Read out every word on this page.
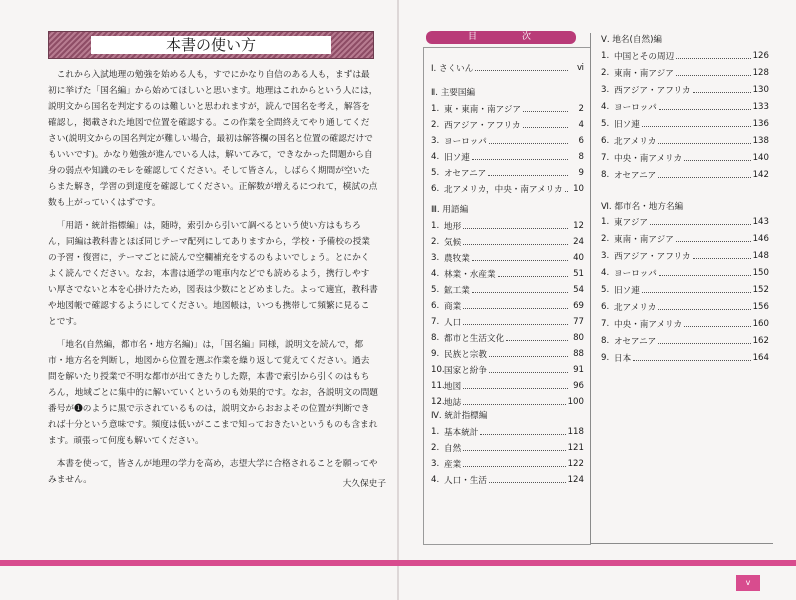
本書の使い方

これから入試地理の勉強を始める人も，すでにかなり自信のある人も，まずは最初に挙げた「国名編」から始めてほしいと思います。地理はこれからという人には，説明文から国名を判定するのは難しいと思われますが，読んで国名を考え，解答を確認し，掲載された地図で位置を確認する。この作業を全問終えてやり通してください(説明文からの国名判定が難しい場合，最初は解答欄の国名と位置の確認だけでもいいです)。かなり勉強が進んでいる人は，解いてみて，できなかった問題から自身の弱点や知識のモレを確認してください。そして皆さん，しばらく期間が空いたらまた解き，学習の到達度を確認してください。正解数が増えるにつれて，模試の点数も上がっていくはずです。

「用語・統計指標編」は，随時，索引から引いて調べるという使い方はもちろん，同編は教科書とほぼ同じテーマ配列にしてありますから，学校・予備校の授業の予習・復習に，テーマごとに読んで空欄補充をするのもよいでしょう。とにかくよく読んでください。なお，本書は通学の電車内などでも読めるよう，携行しやすい厚さでないと本を心掛けたため，図表は少数にとどめました。よって適宜，教科書や地図帳で確認するようにしてください。地図帳は，いつも携帯して頻繁に見ることです。

「地名(自然編，都市名・地方名編)」は，「国名編」同様，説明文を読んで，都市・地方名を判断し，地図から位置を選ぶ作業を繰り返して覚えてください。過去問を解いたり授業で不明な都市が出てきたりした際，本書で索引から引くのはもちろん，地域ごとに集中的に解いていくというのも効果的です。なお，各説明文の問題番号が❶のように黒で示されているものは，説明文からおおよその位置が判断できれば十分という意味です。頻度は低いがここまで知っておきたいというものも含まれます。頑張って何度も解いてください。

本書を使って，皆さんが地理の学力を高め，志望大学に合格されることを願ってやみません。	大久保史子
目	次
Ⅰ. さくいん	ⅵ
Ⅱ. 主要国編
1. 東・東南・南アジア	2
2. 西アジア・アフリカ	4
3. ヨーロッパ	6
4. 旧ソ連	8
5. オセアニア	9
6. 北アメリカ，中央・南アメリカ	10
Ⅲ. 用語編
1. 地形	12
2. 気候	24
3. 農牧業	40
4. 林業・水産業	51
5. 鉱工業	54
6. 商業	69
7. 人口	77
8. 都市と生活文化	80
9. 民族と宗教	88
10. 国家と紛争	91
11. 地図	96
12. 地誌	100
Ⅳ. 統計指標編
1. 基本統計	118
2. 自然	121
3. 産業	122
4. 人口・生活	124
Ⅴ. 地名(自然)編
1. 中国とその周辺	126
2. 東南・南アジア	128
3. 西アジア・アフリカ	130
4. ヨーロッパ	133
5. 旧ソ連	136
6. 北アメリカ	138
7. 中央・南アメリカ	140
8. オセアニア	142
Ⅵ. 都市名・地方名編
1. 東アジア	143
2. 東南・南アジア	146
3. 西アジア・アフリカ	148
4. ヨーロッパ	150
5. 旧ソ連	152
6. 北アメリカ	156
7. 中央・南アメリカ	160
8. オセアニア	162
9. 日本	164
v
